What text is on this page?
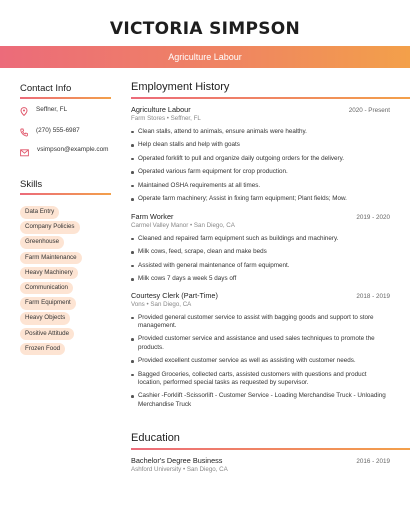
VICTORIA SIMPSON
Agriculture Labour
Contact Info
Seffner, FL
(270) 555-6987
vsimpson@example.com
Skills
Data Entry
Company Policies
Greenhouse
Farm Maintenance
Heavy Machinery
Communication
Farm Equipment
Heavy Objects
Positive Attitude
Frozen Food
Employment History
Agriculture Labour	2020 - Present
Farm Stores • Seffner, FL
Clean stalls, attend to animals, ensure animals were healthy.
Help clean stalls and help with goats
Operated forklift to pull and organize daily outgoing orders for the delivery.
Operated various farm equipment for crop production.
Maintained OSHA requirements at all times.
Operate farm machinery; Assist in fixing farm equipment; Plant fields; Mow.
Farm Worker	2019 - 2020
Carmel Valley Manor • San Diego, CA
Cleaned and repaired farm equipment such as buildings and machinery.
Milk cows, feed, scrape, clean and make beds
Assisted with general maintenance of farm equipment.
Milk cows 7 days a week 5 days off
Courtesy Clerk (Part-Time)	2018 - 2019
Vons • San Diego, CA
Provided general customer service to assist with bagging goods and support to store management.
Provided customer service and assistance and used sales techniques to promote the products.
Provided excellent customer service as well as assisting with customer needs.
Bagged Groceries, collected carts, assisted customers with questions and product location, performed special tasks as requested by supervisor.
Cashier -Forklift -Scissorlift - Customer Service - Loading Merchandise Truck - Unloading Merchandise Truck
Education
Bachelor's Degree Business	2016 - 2019
Ashford University • San Diego, CA
